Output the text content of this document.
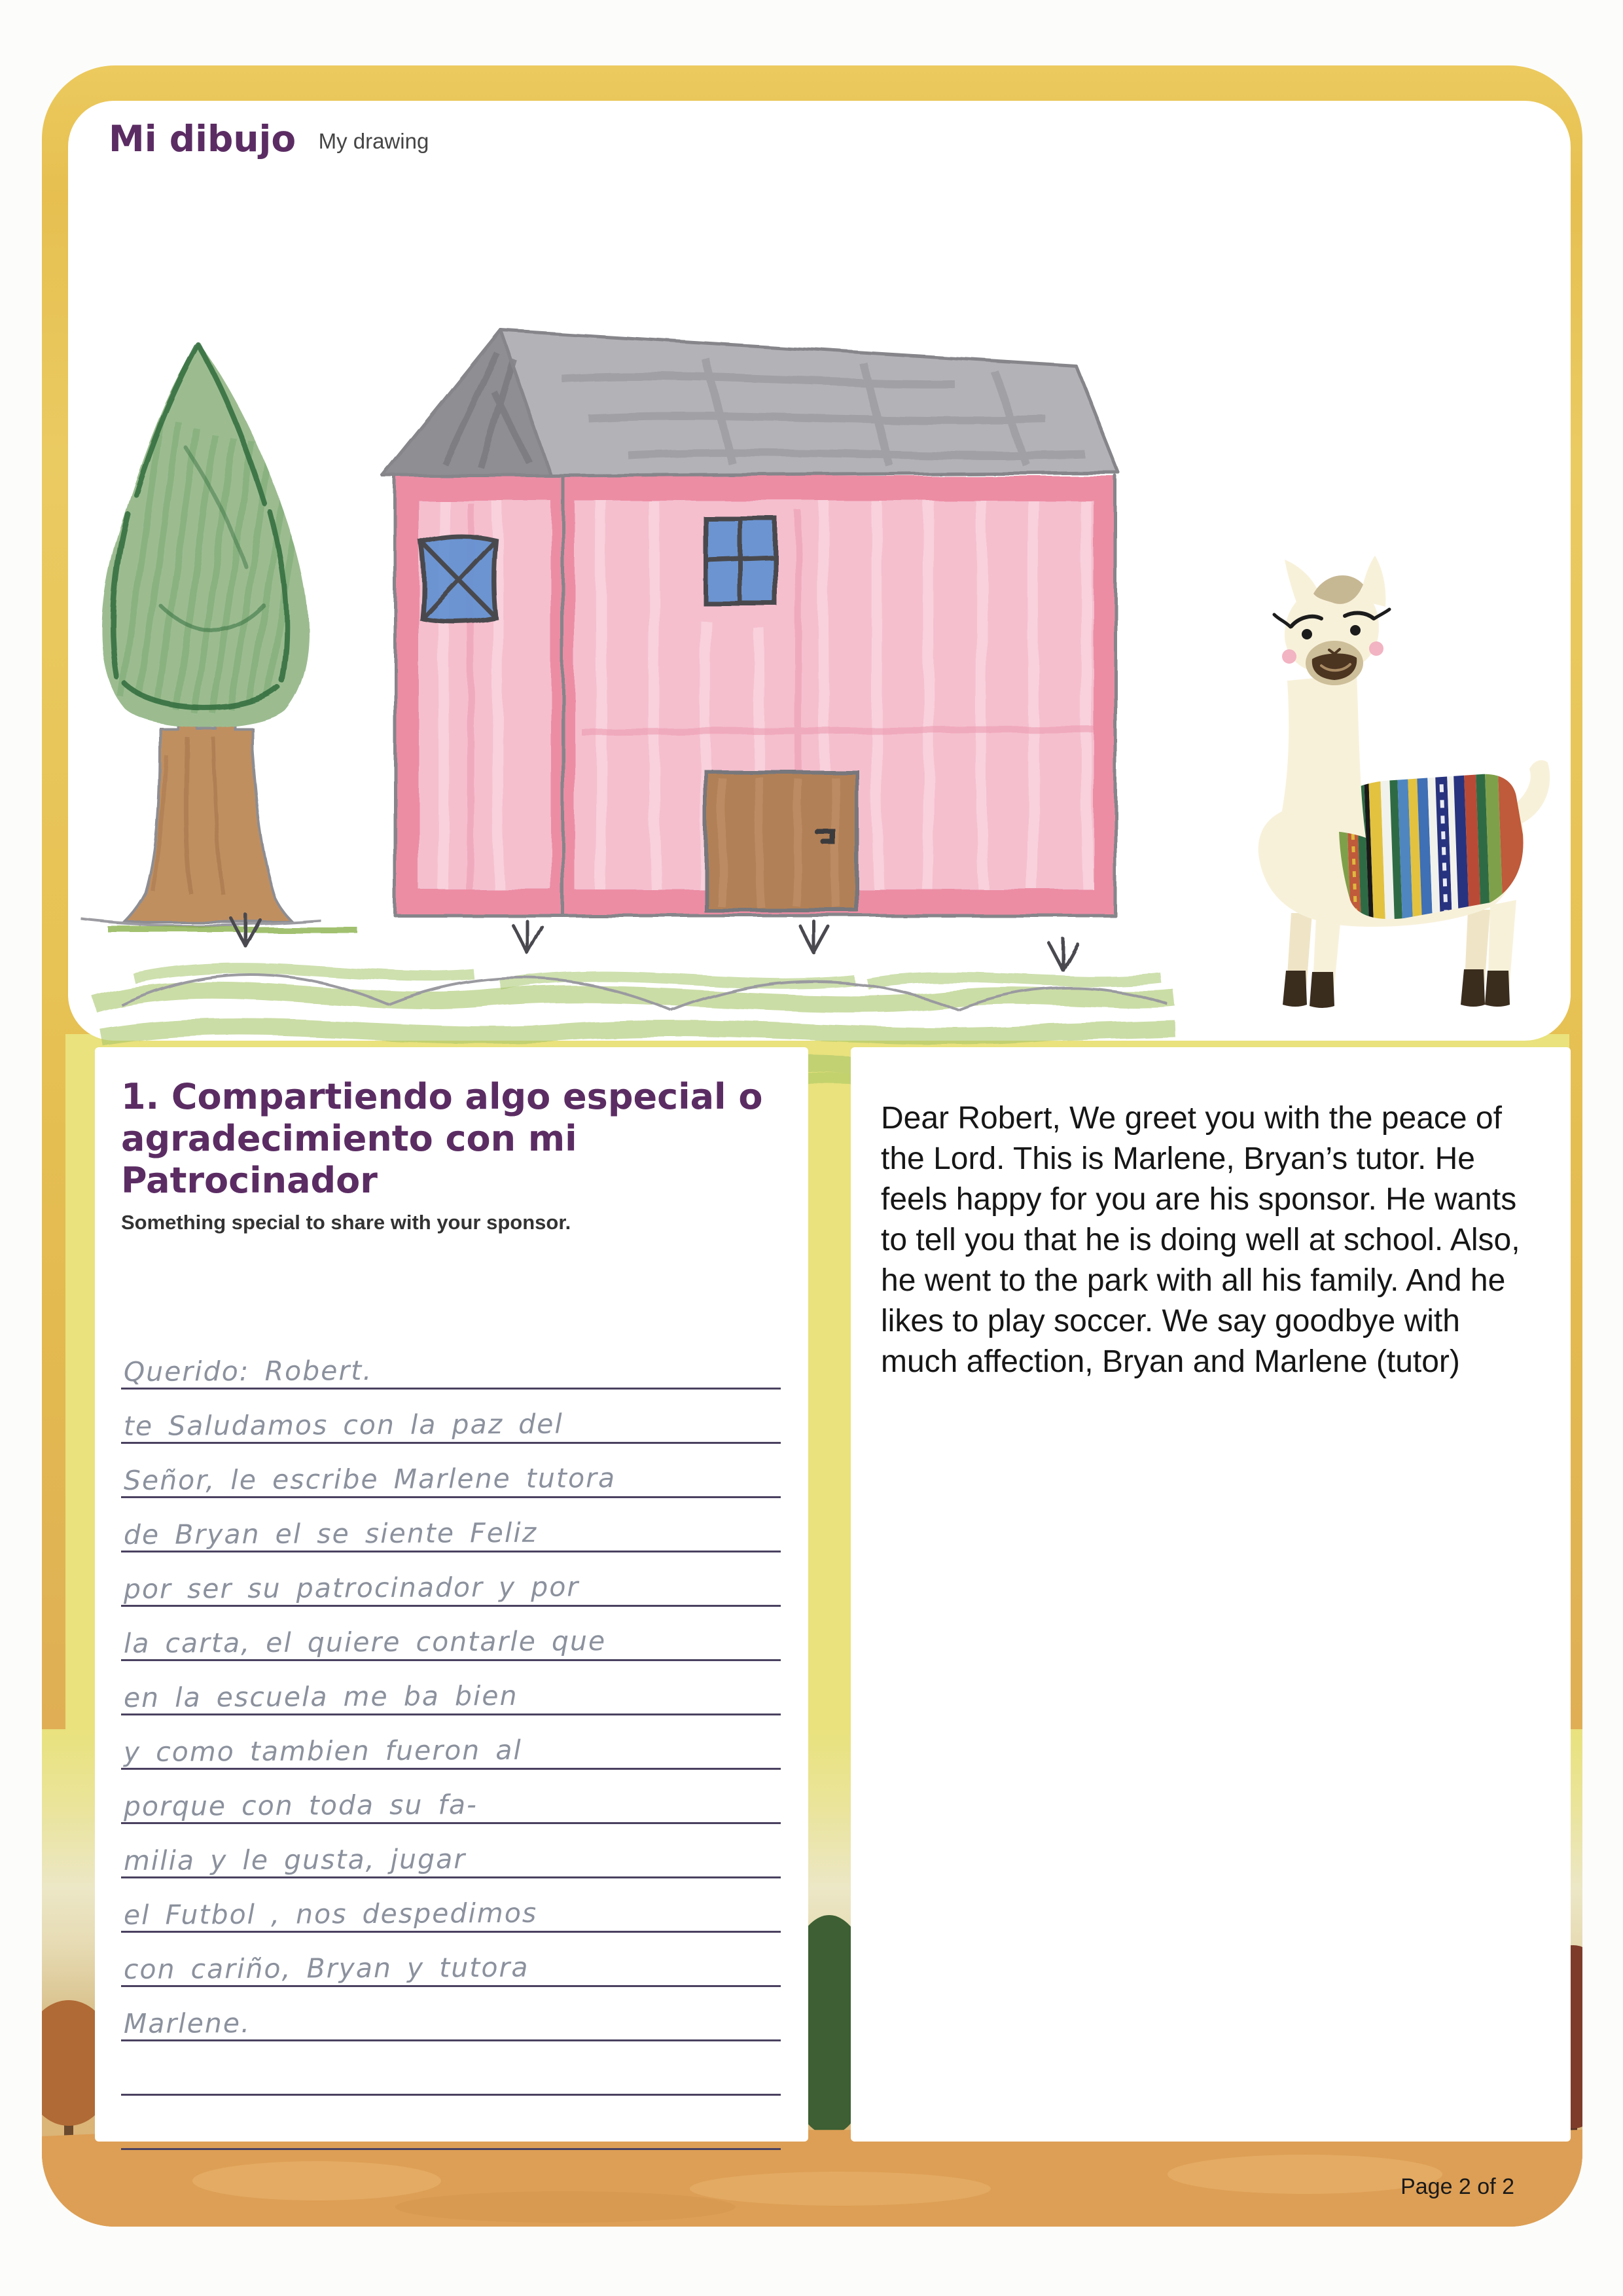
Mi dibujo My drawing
1. Compartiendo algo especial o agradecimiento con mi Patrocinador
Something special to share with your sponsor.
Querido: Robert.
te Saludamos con la paz del
Señor, le escribe Marlene tutora
de Bryan el se siente Feliz
por ser su patrocinador y por
la carta, el quiere contarle que
en la escuela me ba bien
y como tambien fueron al
porque con toda su fa-
milia y le gusta, jugar
el Futbol , nos despedimos
con cariño, Bryan y tutora
Marlene.
Dear Robert, We greet you with the peace of the Lord. This is Marlene, Bryan’s tutor. He feels happy for you are his sponsor. He wants to tell you that he is doing well at school. Also, he went to the park with all his family. And he likes to play soccer. We say goodbye with much affection, Bryan and Marlene (tutor)
Page 2 of 2
